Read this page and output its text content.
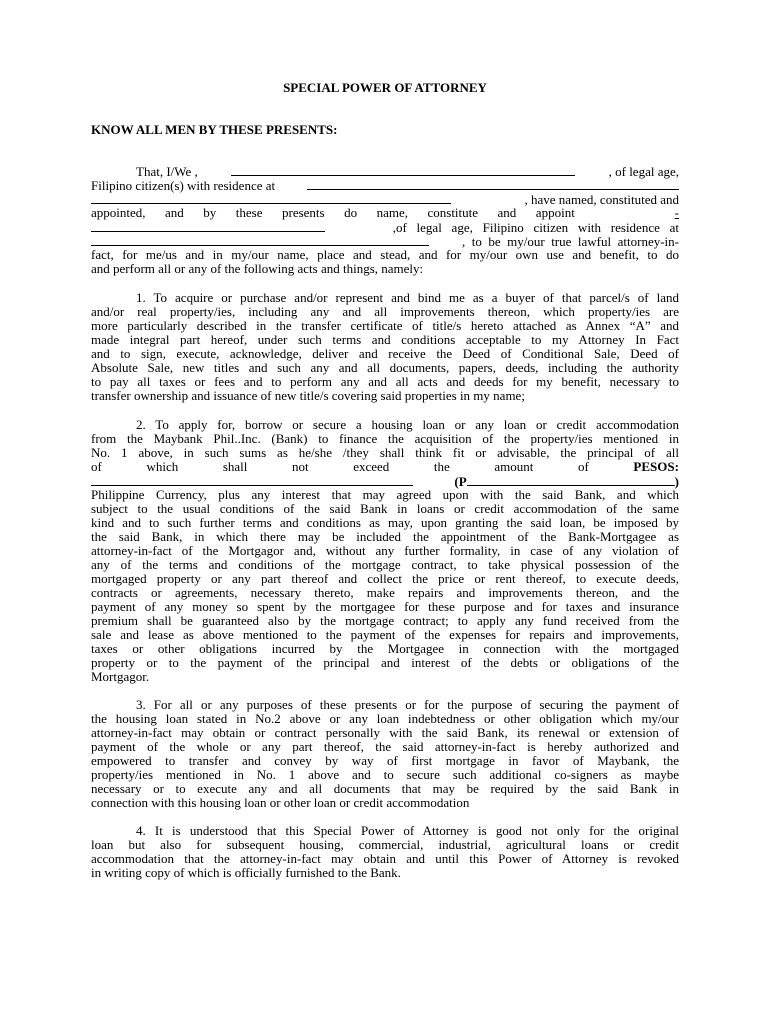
SPECIAL POWER OF ATTORNEY
KNOW ALL MEN BY THESE PRESENTS:
That, I/We ,	, of legal age,
Filipino citizen(s) with residence at
, have named, constituted and
appointed,      and      by      these      presents      do      name,      constitute      and      appoint	-
,of   legal   age,   Filipino   citizen   with   residence   at
,  to  be  my/our  true  lawful  attorney-in-
fact, for me/us and in my/our name, place and stead, and for my/our own use and benefit, to do
and perform all or any of the following acts and things, namely:
1. To acquire or purchase and/or represent and bind me as a buyer of that parcel/s of land
and/or real property/ies, including any and all improvements thereon, which property/ies are
more particularly described in the transfer certificate of title/s hereto attached as Annex “A” and
made integral part hereof, under such terms and conditions acceptable to my Attorney In Fact
and to sign, execute, acknowledge, deliver and receive the Deed of Conditional Sale, Deed of
Absolute Sale, new titles and such any and all documents, papers, deeds, including the authority
to pay all taxes or fees and to perform any and all acts and deeds for my benefit, necessary to
transfer ownership and issuance of new title/s covering said properties in my name;
2. To apply for, borrow or secure a housing loan or any loan or credit accommodation
from the Maybank Phil..Inc. (Bank) to finance the acquisition of the property/ies mentioned in
No. 1 above, in such sums as he/she /they shall think fit or advisable, the principal of all
of	which	shall	not	exceed	the	amount	of	PESOS:
(P	)
Philippine Currency, plus any interest that may agreed upon with the said Bank, and which
subject to the usual conditions of the said Bank in loans or credit accommodation of the same
kind and to such further terms and conditions as may, upon granting the said loan, be imposed by
the said Bank, in which there may be included the appointment of the Bank-Mortgagee as
attorney-in-fact of the Mortgagor and, without any further formality, in case of any violation of
any of the terms and conditions of the mortgage contract, to take physical possession of the
mortgaged property or any part thereof and collect the price or rent thereof, to execute deeds,
contracts or agreements, necessary thereto, make repairs and improvements thereon, and the
payment of any money so spent by the mortgagee for these purpose and for taxes and insurance
premium shall be guaranteed also by the mortgage contract; to apply any fund received from the
sale and lease as above mentioned to the payment of the expenses for repairs and improvements,
taxes or other obligations incurred by the Mortgagee in connection with the mortgaged
property or to the payment of the principal and interest of the debts or obligations of the
Mortgagor.
3. For all or any purposes of these presents or for the purpose of securing the payment of
the housing loan stated in No.2 above or any loan indebtedness or other obligation which my/our
attorney-in-fact may obtain or contract personally with the said Bank, its renewal or extension of
payment of the whole or any part thereof, the said attorney-in-fact is hereby authorized and
empowered to transfer and convey by way of first mortgage in favor of Maybank, the
property/ies mentioned in No. 1 above and to secure such additional co-signers as maybe
necessary or to execute any and all documents that may be required by the said Bank in
connection with this housing loan or other loan or credit accommodation
4. It is understood that this Special Power of Attorney is good not only for the original
loan but also for subsequent housing, commercial, industrial, agricultural loans or credit
accommodation that the attorney-in-fact may obtain and until this Power of Attorney is revoked
in writing copy of which is officially furnished to the Bank.
